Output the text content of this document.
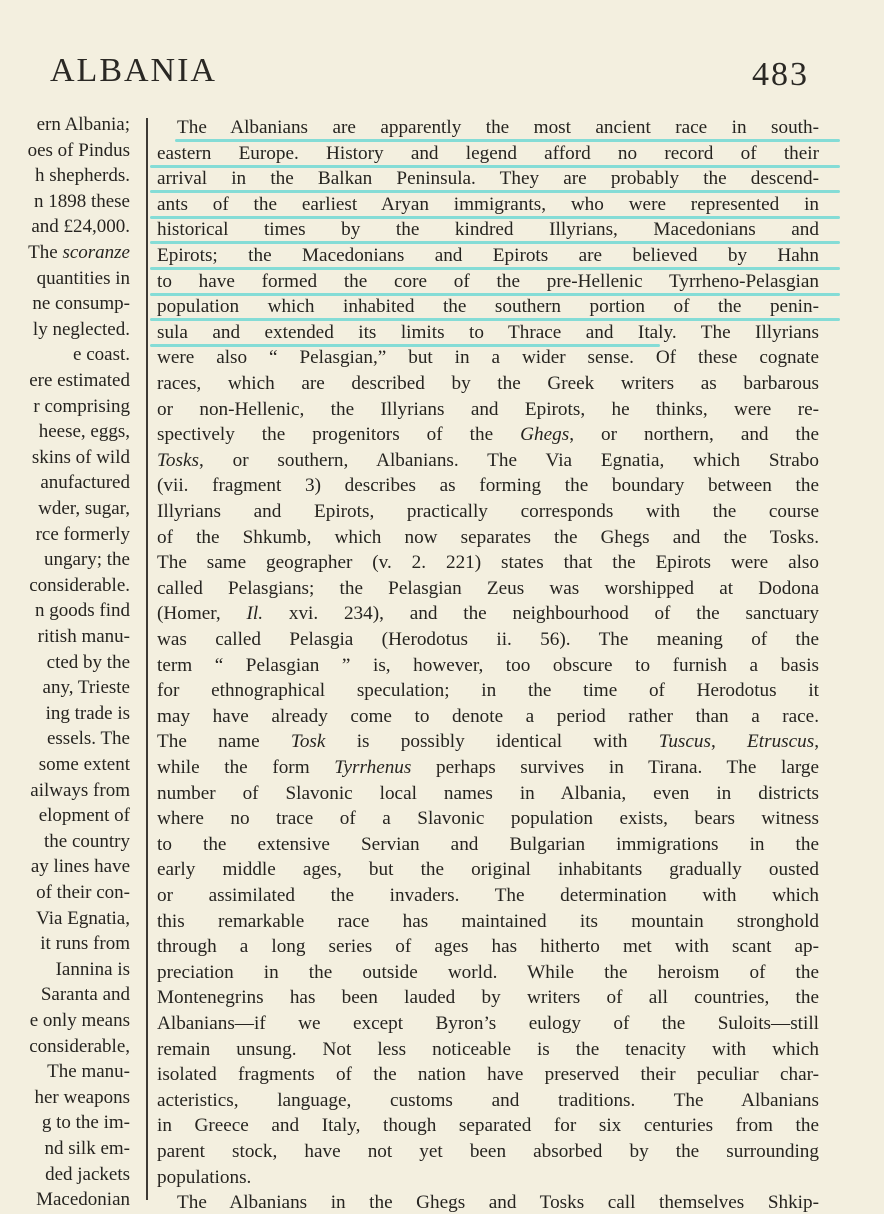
ALBANIA	483
ern Albania;
oes of Pindus
h shepherds.
n 1898 these
and £24,000.
The scoranze
quantities in
ne consump-
ly neglected.
e coast.
ere estimated
r comprising
heese, eggs,
skins of wild
anufactured
wder, sugar,
rce formerly
ungary; the
considerable.
n goods find
ritish manu-
cted by the
any, Trieste
ing trade is
essels. The
some extent
ailways from
elopment of
the country
ay lines have
of their con-
Via Egnatia,
it runs from
Iannina is
Saranta and
e only means
considerable,
The manu-
her weapons
g to the im-
nd silk em-
ded jackets
Macedonian
The Albanians are apparently the most ancient race in south-
eastern Europe. History and legend afford no record of their
arrival in the Balkan Peninsula. They are probably the descend-
ants of the earliest Aryan immigrants, who were represented in
historical times by the kindred Illyrians, Macedonians and
Epirots; the Macedonians and Epirots are believed by Hahn
to have formed the core of the pre-Hellenic Tyrrheno-Pelasgian
population which inhabited the southern portion of the penin-
sula and extended its limits to Thrace and Italy. The Illyrians
were also “ Pelasgian,” but in a wider sense. Of these cognate
races, which are described by the Greek writers as barbarous
or non-Hellenic, the Illyrians and Epirots, he thinks, were re-
spectively the progenitors of the Ghegs, or northern, and the
Tosks, or southern, Albanians. The Via Egnatia, which Strabo
(vii. fragment 3) describes as forming the boundary between the
Illyrians and Epirots, practically corresponds with the course
of the Shkumb, which now separates the Ghegs and the Tosks.
The same geographer (v. 2. 221) states that the Epirots were also
called Pelasgians; the Pelasgian Zeus was worshipped at Dodona
(Homer, Il. xvi. 234), and the neighbourhood of the sanctuary
was called Pelasgia (Herodotus ii. 56). The meaning of the
term “ Pelasgian ” is, however, too obscure to furnish a basis
for ethnographical speculation; in the time of Herodotus it
may have already come to denote a period rather than a race.
The name Tosk is possibly identical with Tuscus, Etruscus,
while the form Tyrrhenus perhaps survives in Tirana. The large
number of Slavonic local names in Albania, even in districts
where no trace of a Slavonic population exists, bears witness
to the extensive Servian and Bulgarian immigrations in the
early middle ages, but the original inhabitants gradually ousted
or assimilated the invaders. The determination with which
this remarkable race has maintained its mountain stronghold
through a long series of ages has hitherto met with scant ap-
preciation in the outside world. While the heroism of the
Montenegrins has been lauded by writers of all countries, the
Albanians—if we except Byron’s eulogy of the Suloits—still
remain unsung. Not less noticeable is the tenacity with which
isolated fragments of the nation have preserved their peculiar char-
acteristics, language, customs and traditions. The Albanians
in Greece and Italy, though separated for six centuries from the
parent stock, have not yet been absorbed by the surrounding
populations.
The Albanians in the Ghegs and Tosks call themselves Shkip-
